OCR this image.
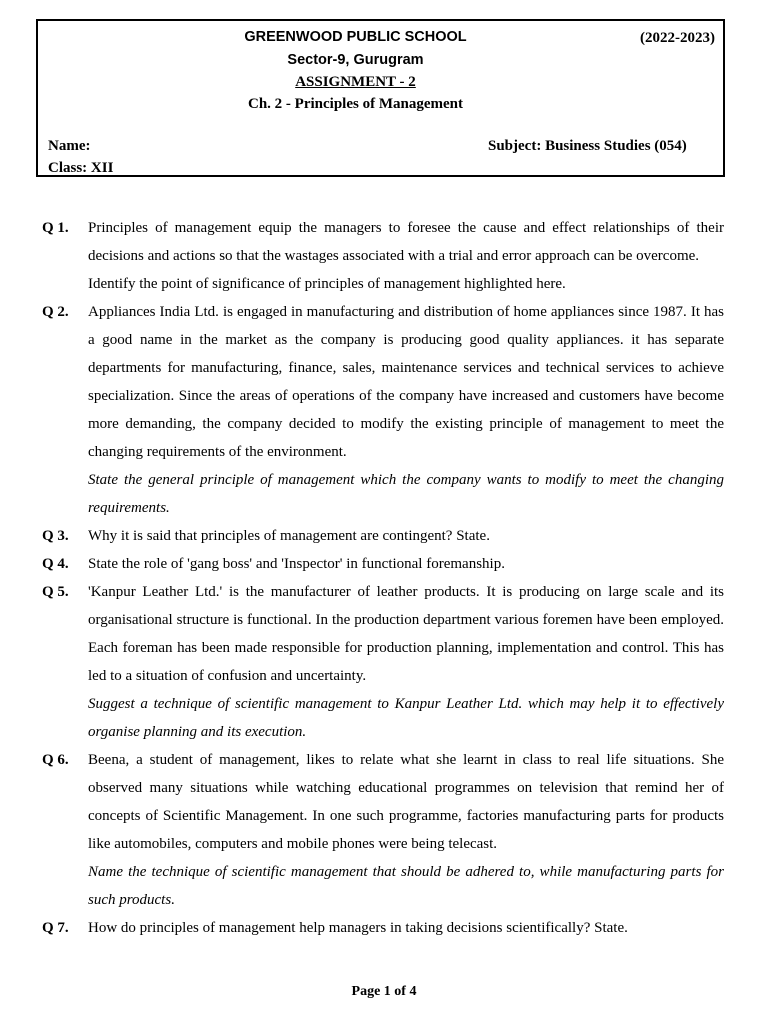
GREENWOOD PUBLIC SCHOOL	(2022-2023)
Sector-9, Gurugram
ASSIGNMENT - 2
Ch. 2 - Principles of Management
Name:	Subject: Business Studies (054)
Class: XII
Q 1.	Principles of management equip the managers to foresee the cause and effect relationships of their decisions and actions so that the wastages associated with a trial and error approach can be overcome.

Identify the point of significance of principles of management highlighted here.

Q 2.	Appliances India Ltd. is engaged in manufacturing and distribution of home appliances since 1987. It has a good name in the market as the company is producing good quality appliances. it has separate departments for manufacturing, finance, sales, maintenance services and technical services to achieve specialization. Since the areas of operations of the company have increased and customers have become more demanding, the company decided to modify the existing principle of management to meet the changing requirements of the environment.

State the general principle of management which the company wants to modify to meet the changing requirements.

Q 3.	Why it is said that principles of management are contingent? State.

Q 4.	State the role of 'gang boss' and 'Inspector' in functional foremanship.

Q 5.	'Kanpur Leather Ltd.' is the manufacturer of leather products. It is producing on large scale and its organisational structure is functional. In the production department various foremen have been employed. Each foreman has been made responsible for production planning, implementation and control. This has led to a situation of confusion and uncertainty.

Suggest a technique of scientific management to Kanpur Leather Ltd. which may help it to effectively organise planning and its execution.

Q 6.	Beena, a student of management, likes to relate what she learnt in class to real life situations. She observed many situations while watching educational programmes on television that remind her of concepts of Scientific Management. In one such programme, factories manufacturing parts for products like automobiles, computers and mobile phones were being telecast.

Name the technique of scientific management that should be adhered to, while manufacturing parts for such products.

Q 7.	How do principles of management help managers in taking decisions scientifically? State.

Page 1 of 4
